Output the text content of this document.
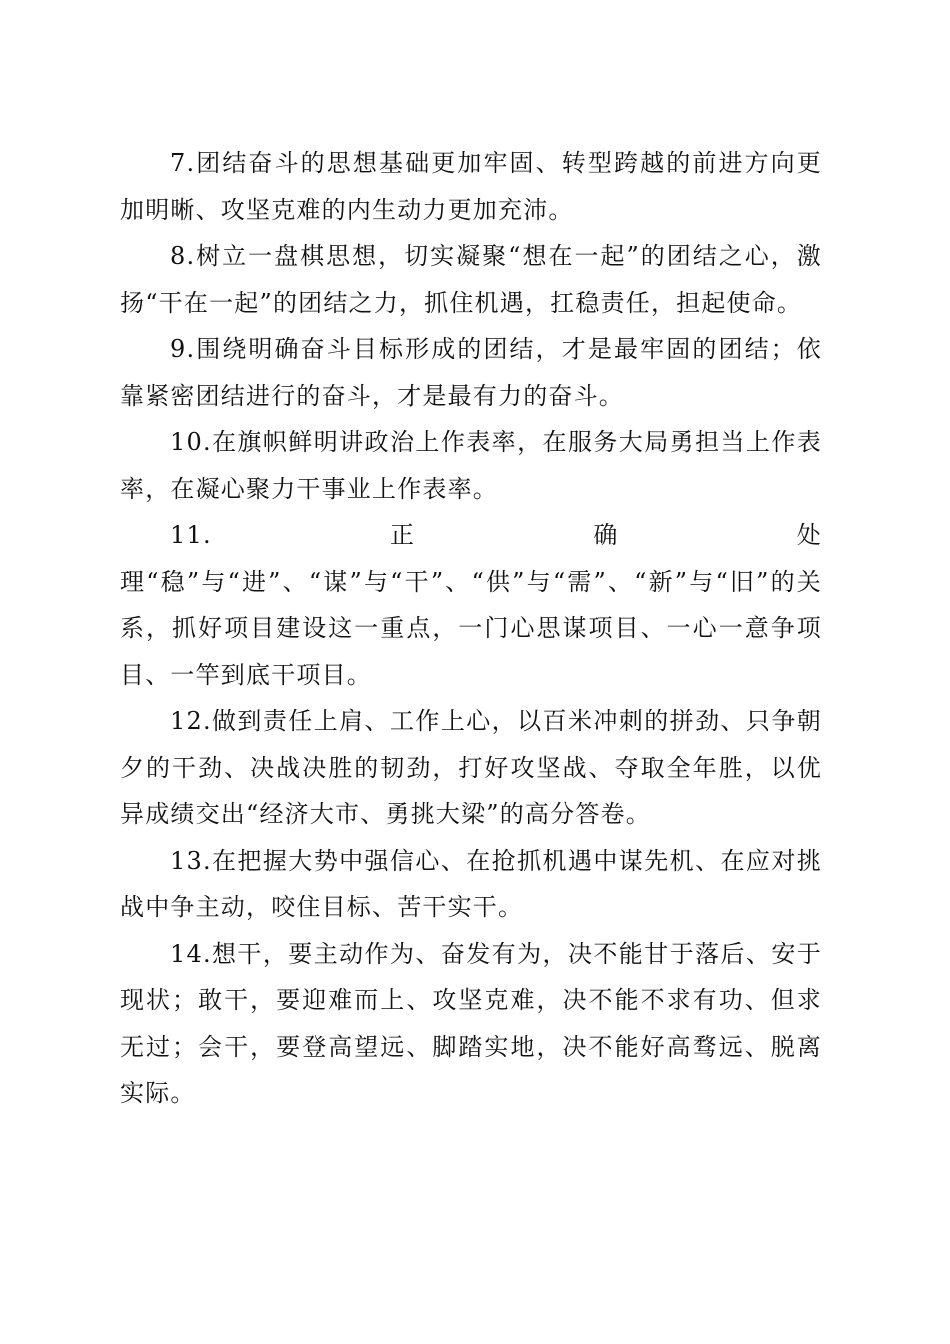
7.团结奋斗的思想基础更加牢固、转型跨越的前进方向更加明晰、攻坚克难的内生动力更加充沛。

8.树立一盘棋思想，切实凝聚“想在一起”的团结之心，激扬“干在一起”的团结之力，抓住机遇，扛稳责任，担起使命。

9.围绕明确奋斗目标形成的团结，才是最牢固的团结；依靠紧密团结进行的奋斗，才是最有力的奋斗。

10.在旗帜鲜明讲政治上作表率，在服务大局勇担当上作表率，在凝心聚力干事业上作表率。

11.正确处理“稳”与“进”、“谋”与“干”、“供”与“需”、“新”与“旧”的关系，抓好项目建设这一重点，一门心思谋项目、一心一意争项目、一竿到底干项目。

12.做到责任上肩、工作上心，以百米冲刺的拼劲、只争朝夕的干劲、决战决胜的韧劲，打好攻坚战、夺取全年胜，以优异成绩交出“经济大市、勇挑大梁”的高分答卷。

13.在把握大势中强信心、在抢抓机遇中谋先机、在应对挑战中争主动，咬住目标、苦干实干。

14.想干，要主动作为、奋发有为，决不能甘于落后、安于现状；敢干，要迎难而上、攻坚克难，决不能不求有功、但求无过；会干，要登高望远、脚踏实地，决不能好高骛远、脱离实际。
